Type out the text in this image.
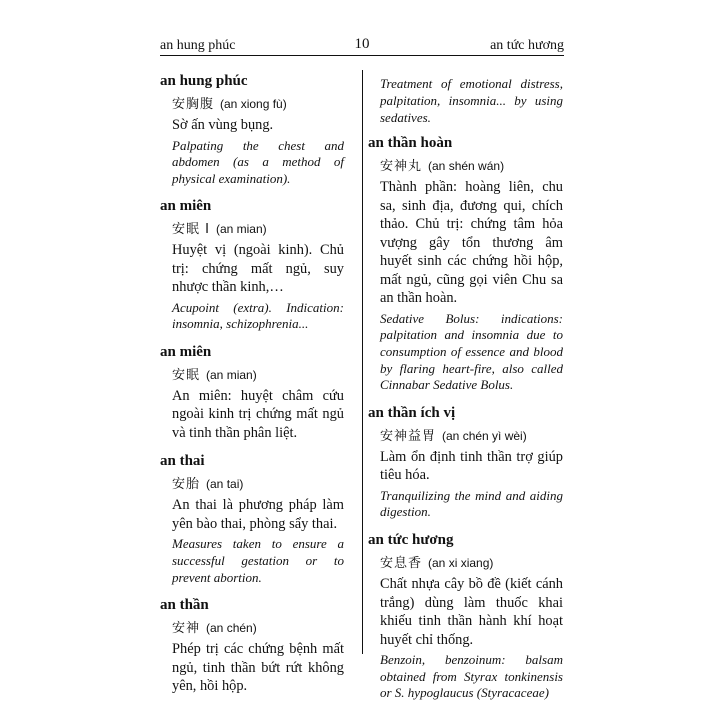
an hung phúc	10	an tức hương
an hung phúc
安胸腹 (an xiong fù)
Sờ ấn vùng bụng.
Palpating the chest and abdomen (as a method of physical examination).
an miên
安眠 I (an mian)
Huyệt vị (ngoài kinh). Chủ trị: chứng mất ngủ, suy nhược thần kinh,…
Acupoint (extra). Indication: insomnia, schizophrenia...
an miên
安眠 (an mian)
An miên: huyệt châm cứu ngoài kinh trị chứng mất ngủ và tinh thần phân liệt.
an thai
安胎 (an tai)
An thai là phương pháp làm yên bào thai, phòng sẩy thai.
Measures taken to ensure a successful gestation or to prevent abortion.
an thần
安神 (an chén)
Phép trị các chứng bệnh mất ngủ, tinh thần bứt rứt không yên, hồi hộp.
Treatment of emotional distress, palpitation, insomnia... by using sedatives.
an thần hoàn
安神丸 (an shén wán)
Thành phần: hoàng liên, chu sa, sinh địa, đương qui, chích thảo. Chủ trị: chứng tâm hỏa vượng gây tổn thương âm huyết sinh các chứng hồi hộp, mất ngủ, cũng gọi viên Chu sa an thần hoàn.
Sedative Bolus: indications: palpitation and insomnia due to consumption of essence and blood by flaring heart-fire, also called Cinnabar Sedative Bolus.
an thần ích vị
安神益胃 (an chén yì wèi)
Làm ổn định tinh thần trợ giúp tiêu hóa.
Tranquilizing the mind and aiding digestion.
an tức hương
安息香 (an xi xiang)
Chất nhựa cây bồ đề (kiết cánh trắng) dùng làm thuốc khai khiếu tinh thần hành khí hoạt huyết chỉ thống.
Benzoin, benzoinum: balsam obtained from Styrax tonkinensis or S. hypoglaucus (Styracaceae)
